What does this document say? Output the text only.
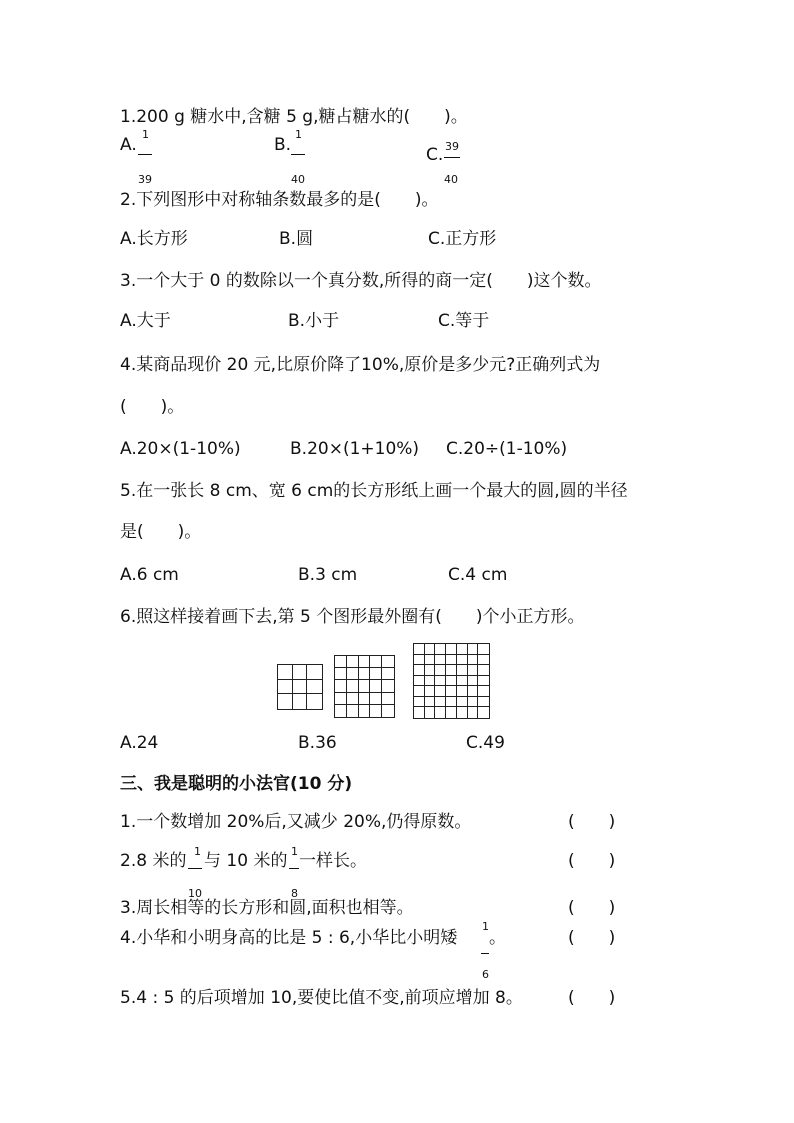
1.200 g 糖水中,含糖 5 g,糖占糖水的(　　)。
A.
1
39
B.
1
40
C. 39
40
2.下列图形中对称轴条数最多的是(　　)。
A.长方形	B.圆	C.正方形
3.一个大于 0 的数除以一个真分数,所得的商一定(　　)这个数。
A.大于	B.小于	C.等于
4.某商品现价 20 元,比原价降了10%,原价是多少元?正确列式为
(　　)。
A.20×(1-10%)	B.20×(1+10%) C.20÷(1-10%)
5.在一张长 8 cm、宽 6 cm的长方形纸上画一个最大的圆,圆的半径
是(　　)。
A.6 cm	B.3 cm	C.4 cm
6.照这样接着画下去,第 5 个图形最外圈有(　　)个小正方形。
A.24	B.36	C.49
三、我是聪明的小法官(10 分)
1.一个数增加 20%后,又减少 20%,仍得原数。	(　　)
2.8 米的 1
10
与 10 米的 1
8
一样长。	(　　)
3.周长相等的长方形和圆,面积也相等。	(　　)
4.小华和小明身高的比是 5 : 6,小华比小明矮
1
6
。	(　　)
5.4 : 5 的后项增加 10,要使比值不变,前项应增加 8。	(　　)
